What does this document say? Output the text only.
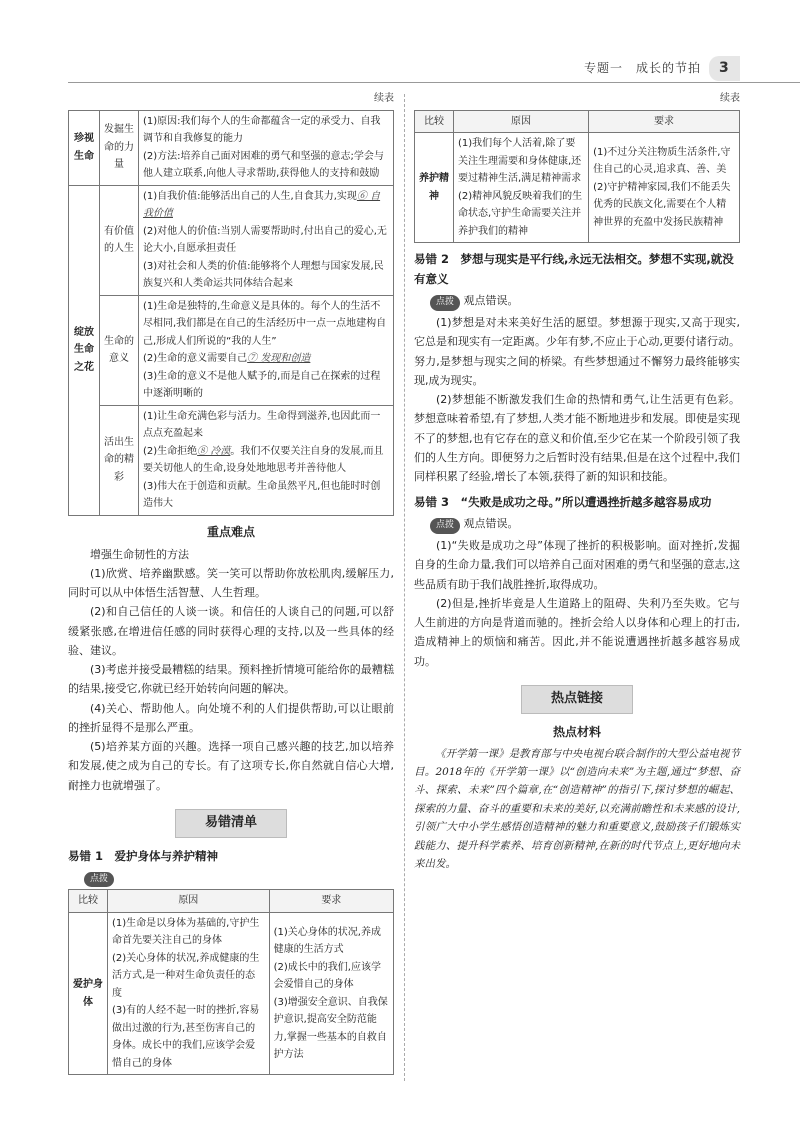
专题一　成长的节拍 3
续表
珍视生命	发掘生命的力量	(1)原因:我们每个人的生命都蕴含一定的承受力、自我调节和自我修复的能力
(2)方法:培养自己面对困难的勇气和坚强的意志;学会与他人建立联系,向他人寻求帮助,获得他人的支持和鼓励
绽放生命之花	有价值的人生	(1)自我价值:能够活出自己的人生,自食其力,实现⑥ 自我价值
(2)对他人的价值:当别人需要帮助时,付出自己的爱心,无论大小,自愿承担责任
(3)对社会和人类的价值:能够将个人理想与国家发展,民族复兴和人类命运共同体结合起来
	生命的意义	(1)生命是独特的,生命意义是具体的。每个人的生活不尽相同,我们都是在自己的生活经历中一点一点地建构自己,形成人们所说的“我的人生”
(2)生命的意义需要自己⑦ 发现和创造
(3)生命的意义不是他人赋予的,而是自己在探索的过程中逐渐明晰的
	活出生命的精彩	(1)让生命充满色彩与活力。生命得到滋养,也因此而一点点充盈起来
(2)生命拒绝⑧ 冷漠。我们不仅要关注自身的发展,而且要关切他人的生命,设身处地地思考并善待他人
(3)伟大在于创造和贡献。生命虽然平凡,但也能时时创造伟大
重点难点

增强生命韧性的方法

(1)欣赏、培养幽默感。笑一笑可以帮助你放松肌肉,缓解压力,同时可以从中体悟生活智慧、人生哲理。

(2)和自己信任的人谈一谈。和信任的人谈自己的问题,可以舒缓紧张感,在增进信任感的同时获得心理的支持,以及一些具体的经验、建议。

(3)考虑并接受最糟糕的结果。预料挫折情境可能给你的最糟糕的结果,接受它,你就已经开始转向问题的解决。

(4)关心、帮助他人。向处境不利的人们提供帮助,可以让眼前的挫折显得不是那么严重。

(5)培养某方面的兴趣。选择一项自己感兴趣的技艺,加以培养和发展,使之成为自己的专长。有了这项专长,你自然就自信心大增,耐挫力也就增强了。

易错清单
易错 1　爱护身体与养护精神
点拨
比较	原因	要求
爱护身体	(1)生命是以身体为基础的,守护生命首先要关注自己的身体
(2)关心身体的状况,养成健康的生活方式,是一种对生命负责任的态度
(3)有的人经不起一时的挫折,容易做出过激的行为,甚至伤害自己的身体。成长中的我们,应该学会爱惜自己的身体	(1)关心身体的状况,养成健康的生活方式
(2)成长中的我们,应该学会爱惜自己的身体
(3)增强安全意识、自我保护意识,提高安全防范能力,掌握一些基本的自救自护方法
续表
比较	原因	要求
养护精神	(1)我们每个人活着,除了要关注生理需要和身体健康,还要过精神生活,满足精神需求
(2)精神风貌反映着我们的生命状态,守护生命需要关注并养护我们的精神	(1)不过分关注物质生活条件,守住自己的心灵,追求真、善、美
(2)守护精神家园,我们不能丢失优秀的民族文化,需要在个人精神世界的充盈中发扬民族精神
易错 2　梦想与现实是平行线,永远无法相交。梦想不实现,就没有意义
点拨 观点错误。

(1)梦想是对未来美好生活的愿望。梦想源于现实,又高于现实,它总是和现实有一定距离。少年有梦,不应止于心动,更要付诸行动。努力,是梦想与现实之间的桥梁。有些梦想通过不懈努力最终能够实现,成为现实。

(2)梦想能不断激发我们生命的热情和勇气,让生活更有色彩。梦想意味着希望,有了梦想,人类才能不断地进步和发展。即使是实现不了的梦想,也有它存在的意义和价值,至少它在某一个阶段引领了我们的人生方向。即便努力之后暂时没有结果,但是在这个过程中,我们同样积累了经验,增长了本领,获得了新的知识和技能。

易错 3　“失败是成功之母。”所以遭遇挫折越多越容易成功
点拨 观点错误。

(1)“失败是成功之母”体现了挫折的积极影响。面对挫折,发掘自身的生命力量,我们可以培养自己面对困难的勇气和坚强的意志,这些品质有助于我们战胜挫折,取得成功。

(2)但是,挫折毕竟是人生道路上的阻碍、失利乃至失败。它与人生前进的方向是背道而驰的。挫折会给人以身体和心理上的打击,造成精神上的烦恼和痛苦。因此,并不能说遭遇挫折越多越容易成功。

热点链接
热点材料

《开学第一课》是教育部与中央电视台联合制作的大型公益电视节目。2018年的《开学第一课》以“创造向未来”为主题,通过“梦想、奋斗、探索、未来”四个篇章,在“创造精神”的指引下,探讨梦想的崛起、探索的力量、奋斗的重要和未来的美好,以充满前瞻性和未来感的设计,引领广大中小学生感悟创造精神的魅力和重要意义,鼓励孩子们锻炼实践能力、提升科学素养、培育创新精神,在新的时代节点上,更好地向未来出发。
